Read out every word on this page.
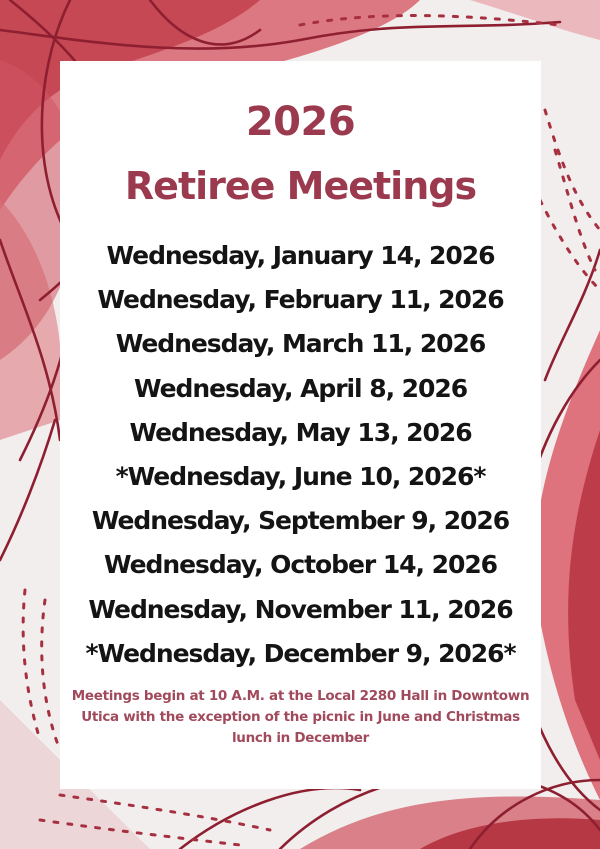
2026
Retiree Meetings
Wednesday, January 14, 2026
Wednesday, February 11, 2026
Wednesday, March 11, 2026
Wednesday, April 8, 2026
Wednesday, May 13, 2026
*Wednesday, June 10, 2026*
Wednesday, September 9, 2026
Wednesday, October 14, 2026
Wednesday, November 11, 2026
*Wednesday, December 9, 2026*
Meetings begin at 10 A.M. at the Local 2280 Hall in Downtown Utica with the exception of the picnic in June and Christmas lunch in December
